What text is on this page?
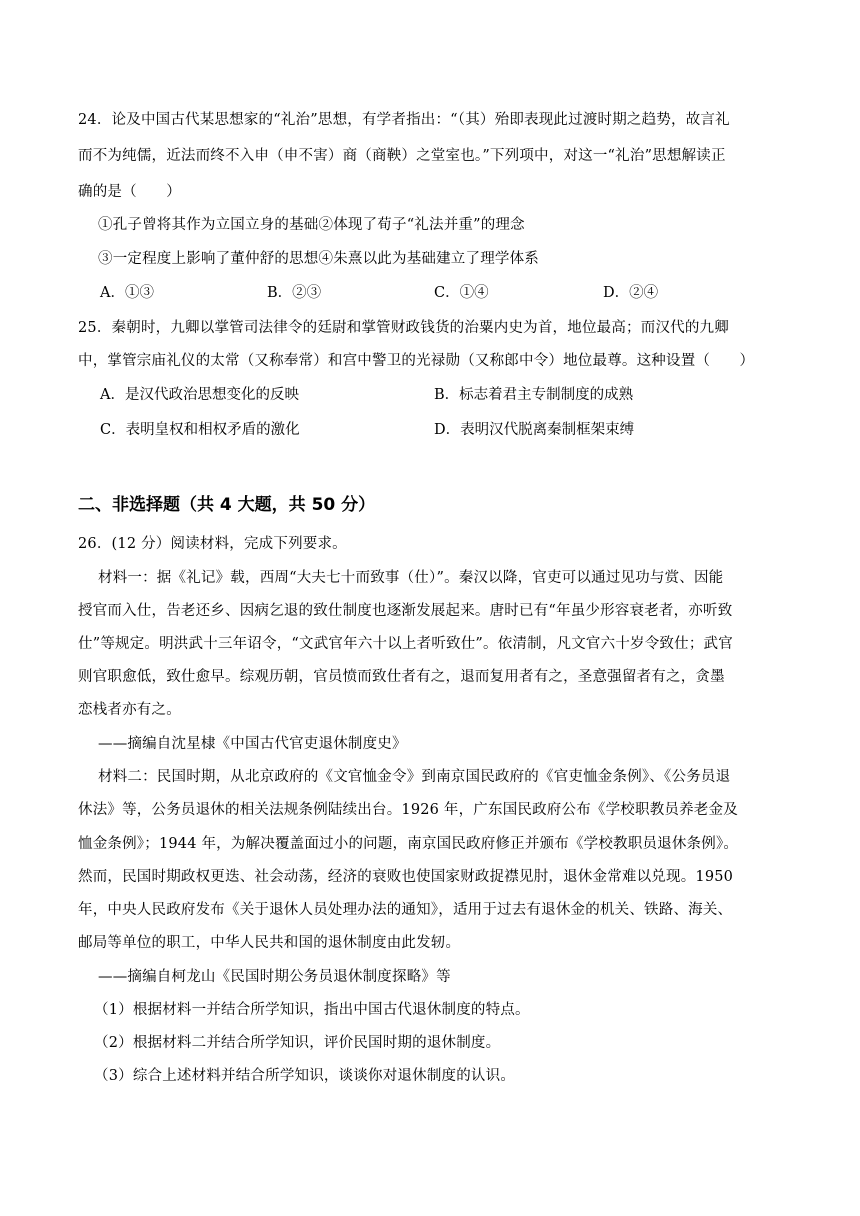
24．论及中国古代某思想家的“礼治”思想，有学者指出：“（其）殆即表现此过渡时期之趋势，故言礼
而不为纯儒，近法而终不入申（申不害）商（商鞅）之堂室也。”下列项中，对这一“礼治”思想解读正
确的是（　　）
①孔子曾将其作为立国立身的基础②体现了荀子“礼法并重”的理念
③一定程度上影响了董仲舒的思想④朱熹以此为基础建立了理学体系
A．①③	B．②③	C．①④	D．②④
25．秦朝时，九卿以掌管司法律令的廷尉和掌管财政钱货的治粟内史为首，地位最高；而汉代的九卿
中，掌管宗庙礼仪的太常（又称奉常）和宫中警卫的光禄勋（又称郎中令）地位最尊。这种设置（　　）
A．是汉代政治思想变化的反映	B．标志着君主专制制度的成熟
C．表明皇权和相权矛盾的激化	D．表明汉代脱离秦制框架束缚
二、非选择题（共 4 大题，共 50 分）
26．(12 分）阅读材料，完成下列要求。
材料一：据《礼记》载，西周“大夫七十而致事（仕）”。秦汉以降，官吏可以通过见功与赏、因能
授官而入仕，告老还乡、因病乞退的致仕制度也逐渐发展起来。唐时已有“年虽少形容衰老者，亦听致
仕”等规定。明洪武十三年诏令，“文武官年六十以上者听致仕”。依清制，凡文官六十岁令致仕；武官
则官职愈低，致仕愈早。综观历朝，官员愤而致仕者有之，退而复用者有之，圣意强留者有之，贪墨
恋栈者亦有之。
——摘编自沈星棣《中国古代官吏退休制度史》
材料二：民国时期，从北京政府的《文官恤金令》到南京国民政府的《官吏恤金条例》、《公务员退
休法》等，公务员退休的相关法规条例陆续出台。1926 年，广东国民政府公布《学校职教员养老金及
恤金条例》；1944 年，为解决覆盖面过小的问题，南京国民政府修正并颁布《学校教职员退休条例》。
然而，民国时期政权更迭、社会动荡，经济的衰败也使国家财政捉襟见肘，退休金常难以兑现。1950
年，中央人民政府发布《关于退休人员处理办法的通知》，适用于过去有退休金的机关、铁路、海关、
邮局等单位的职工，中华人民共和国的退休制度由此发轫。
——摘编自柯龙山《民国时期公务员退休制度探略》等
（1）根据材料一并结合所学知识，指出中国古代退休制度的特点。
（2）根据材料二并结合所学知识，评价民国时期的退休制度。
（3）综合上述材料并结合所学知识，谈谈你对退休制度的认识。
